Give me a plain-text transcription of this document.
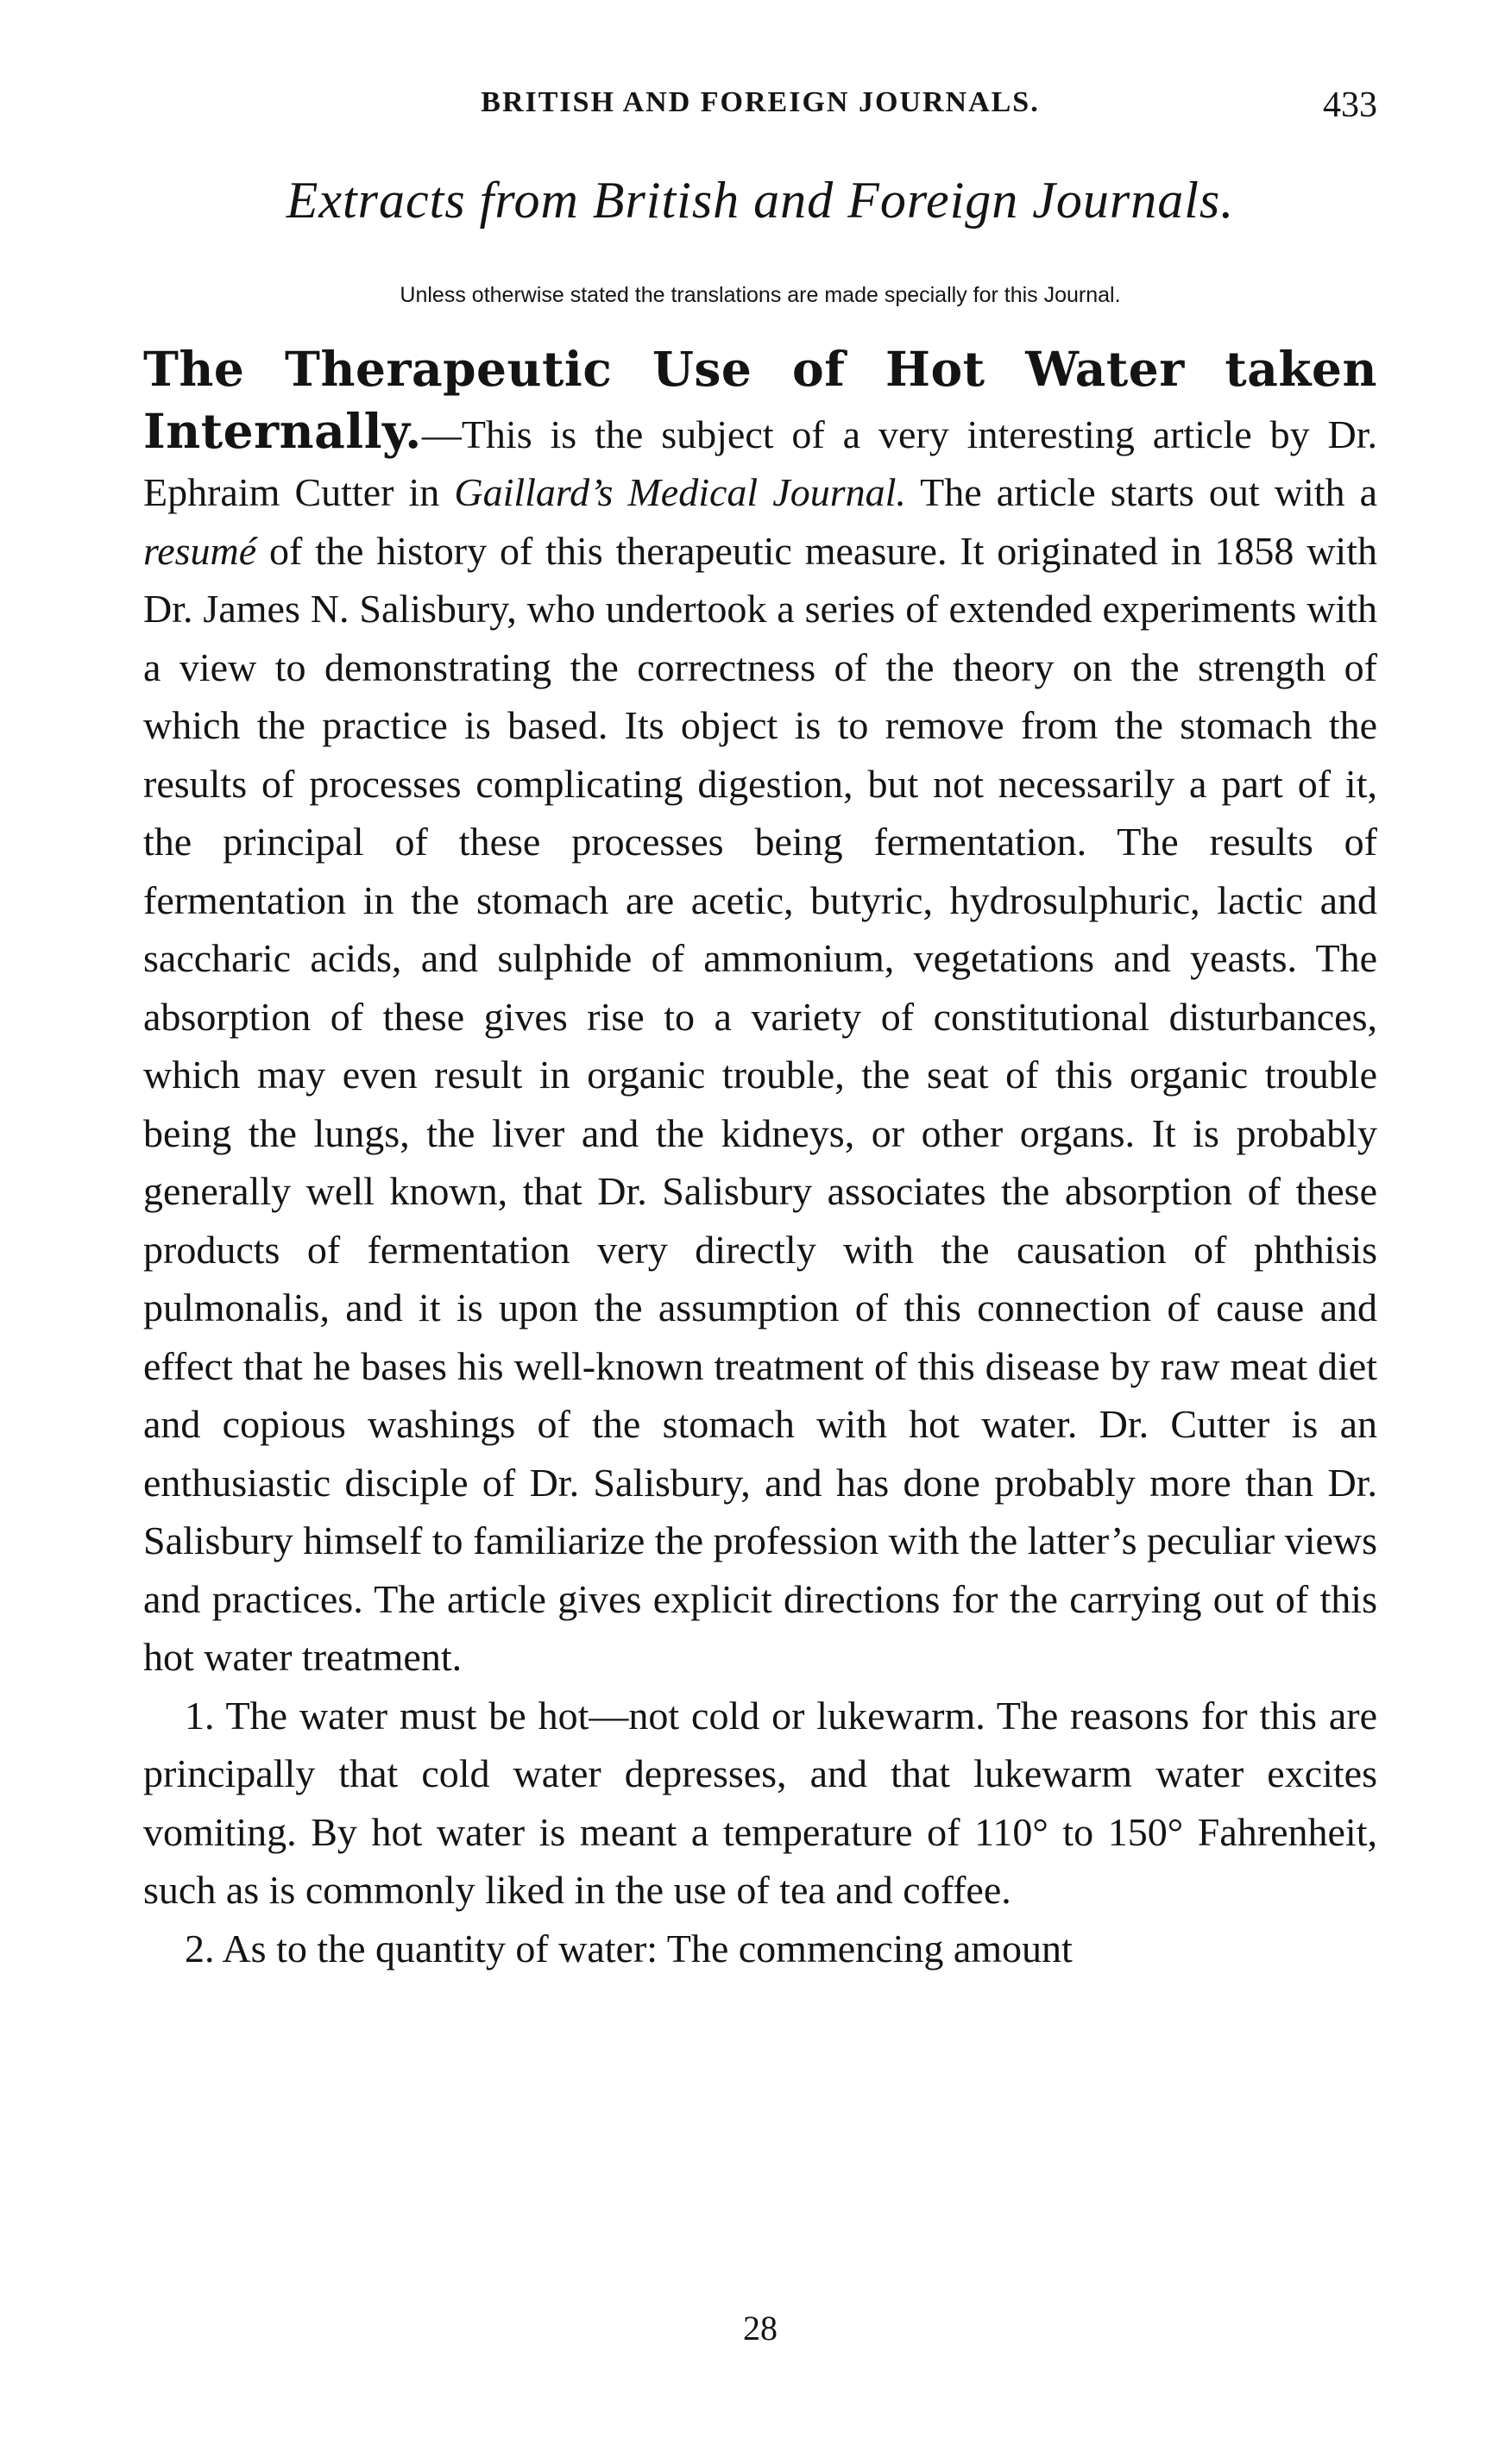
BRITISH AND FOREIGN JOURNALS.	433
Extracts from British and Foreign Journals.
Unless otherwise stated the translations are made specially for this Journal.

The Therapeutic Use of Hot Water taken Internally.—This is the subject of a very interesting article by Dr. Ephraim Cutter in Gaillard’s Medical Journal. The article starts out with a resumé of the history of this therapeutic measure. It originated in 1858 with Dr. James N. Salisbury, who undertook a series of extended experiments with a view to demonstrating the correctness of the theory on the strength of which the practice is based. Its object is to remove from the stomach the results of processes complicating digestion, but not necessarily a part of it, the principal of these processes being fermentation. The results of fermentation in the stomach are acetic, butyric, hydrosulphuric, lactic and saccharic acids, and sulphide of ammonium, vegetations and yeasts. The absorption of these gives rise to a variety of constitutional disturbances, which may even result in organic trouble, the seat of this organic trouble being the lungs, the liver and the kidneys, or other organs. It is probably generally well known, that Dr. Salisbury associates the absorption of these products of fermentation very directly with the causation of phthisis pulmonalis, and it is upon the assumption of this connection of cause and effect that he bases his well-known treatment of this disease by raw meat diet and copious washings of the stomach with hot water. Dr. Cutter is an enthusiastic disciple of Dr. Salisbury, and has done probably more than Dr. Salisbury himself to familiarize the profession with the latter’s peculiar views and practices. The article gives explicit directions for the carrying out of this hot water treatment.

1. The water must be hot—not cold or lukewarm. The reasons for this are principally that cold water depresses, and that lukewarm water excites vomiting. By hot water is meant a temperature of 110° to 150° Fahrenheit, such as is commonly liked in the use of tea and coffee.

2. As to the quantity of water: The commencing amount

28
